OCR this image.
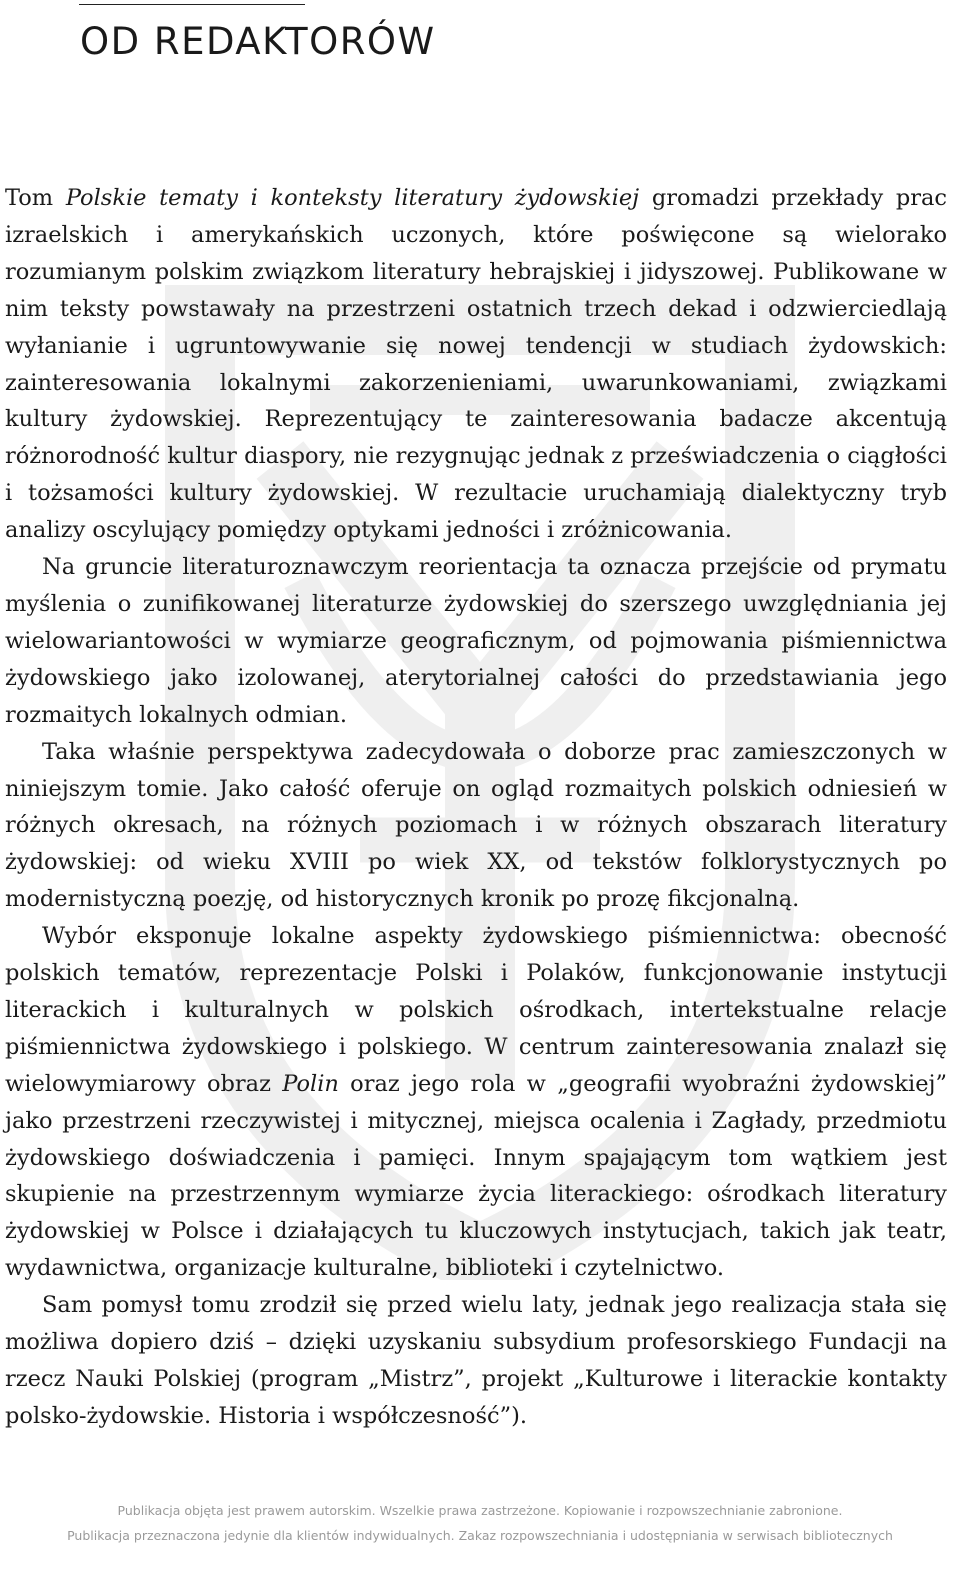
OD REDAKTORÓW

Tom Polskie tematy i konteksty literatury żydowskiej gromadzi przekłady prac izraelskich i amerykańskich uczonych, które poświęcone są wielorako rozumianym polskim związkom literatury hebrajskiej i jidyszowej. Publikowane w nim teksty powstawały na przestrzeni ostatnich trzech dekad i odzwierciedlają wyłanianie i ugruntowywanie się nowej tendencji w studiach żydowskich: zainteresowania lokalnymi zakorzenieniami, uwarunkowaniami, związkami kultury żydowskiej. Reprezentujący te zainteresowania badacze akcentują różnorodność kultur diaspory, nie rezygnując jednak z przeświadczenia o ciągłości i tożsamości kultury żydowskiej. W rezultacie uruchamiają dialektyczny tryb analizy oscylujący pomiędzy optykami jedności i zróżnicowania.

Na gruncie literaturoznawczym reorientacja ta oznacza przejście od prymatu myślenia o zunifikowanej literaturze żydowskiej do szerszego uwzględniania jej wielowariantowości w wymiarze geograficznym, od pojmowania piśmiennictwa żydowskiego jako izolowanej, aterytorialnej całości do przedstawiania jego rozmaitych lokalnych odmian.

Taka właśnie perspektywa zadecydowała o doborze prac zamieszczonych w niniejszym tomie. Jako całość oferuje on ogląd rozmaitych polskich odniesień w różnych okresach, na różnych poziomach i w różnych obszarach literatury żydowskiej: od wieku XVIII po wiek XX, od tekstów folklorystycznych po modernistyczną poezję, od historycznych kronik po prozę fikcjonalną.

Wybór eksponuje lokalne aspekty żydowskiego piśmiennictwa: obecność polskich tematów, reprezentacje Polski i Polaków, funkcjonowanie instytucji literackich i kulturalnych w polskich ośrodkach, intertekstualne relacje piśmiennictwa żydowskiego i polskiego. W centrum zainteresowania znalazł się wielowymiarowy obraz Polin oraz jego rola w „geografii wyobraźni żydowskiej” jako przestrzeni rzeczywistej i mitycznej, miejsca ocalenia i Zagłady, przedmiotu żydowskiego doświadczenia i pamięci. Innym spajającym tom wątkiem jest skupienie na przestrzennym wymiarze życia literackiego: ośrodkach literatury żydowskiej w Polsce i działających tu kluczowych instytucjach, takich jak teatr, wydawnictwa, organizacje kulturalne, biblioteki i czytelnictwo.

Sam pomysł tomu zrodził się przed wielu laty, jednak jego realizacja stała się możliwa dopiero dziś – dzięki uzyskaniu subsydium profesorskiego Fundacji na rzecz Nauki Polskiej (program „Mistrz”, projekt „Kulturowe i literackie kontakty polsko-żydowskie. Historia i współczesność”).

Publikacja objęta jest prawem autorskim. Wszelkie prawa zastrzeżone. Kopiowanie i rozpowszechnianie zabronione.
Publikacja przeznaczona jedynie dla klientów indywidualnych. Zakaz rozpowszechniania i udostępniania w serwisach bibliotecznych
